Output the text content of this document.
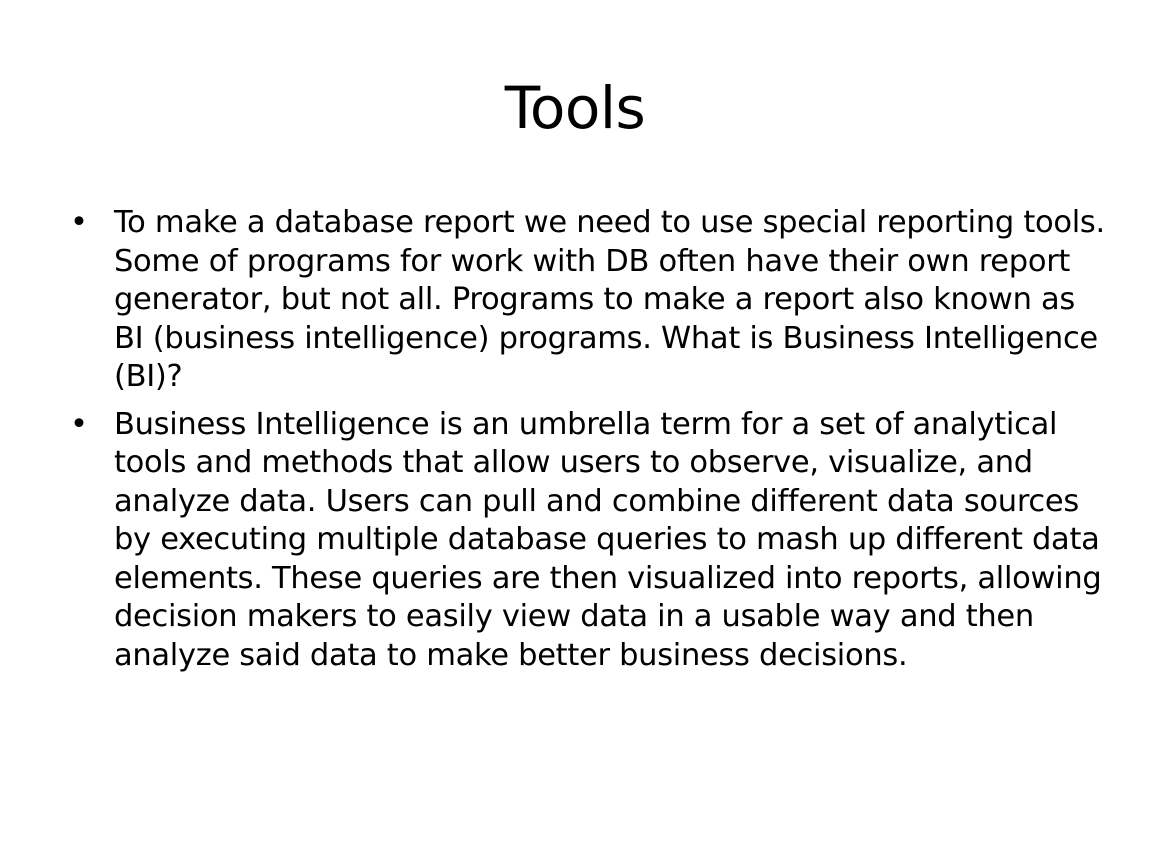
Tools
• To make a database report we need to use special reporting tools. Some of programs for work with DB often have their own report generator, but not all. Programs to make a report also known as BI (business intelligence) programs. What is Business Intelligence (BI)?
• Business Intelligence is an umbrella term for a set of analytical tools and methods that allow users to observe, visualize, and analyze data. Users can pull and combine different data sources by executing multiple database queries to mash up different data elements. These queries are then visualized into reports, allowing decision makers to easily view data in a usable way and then analyze said data to make better business decisions.
